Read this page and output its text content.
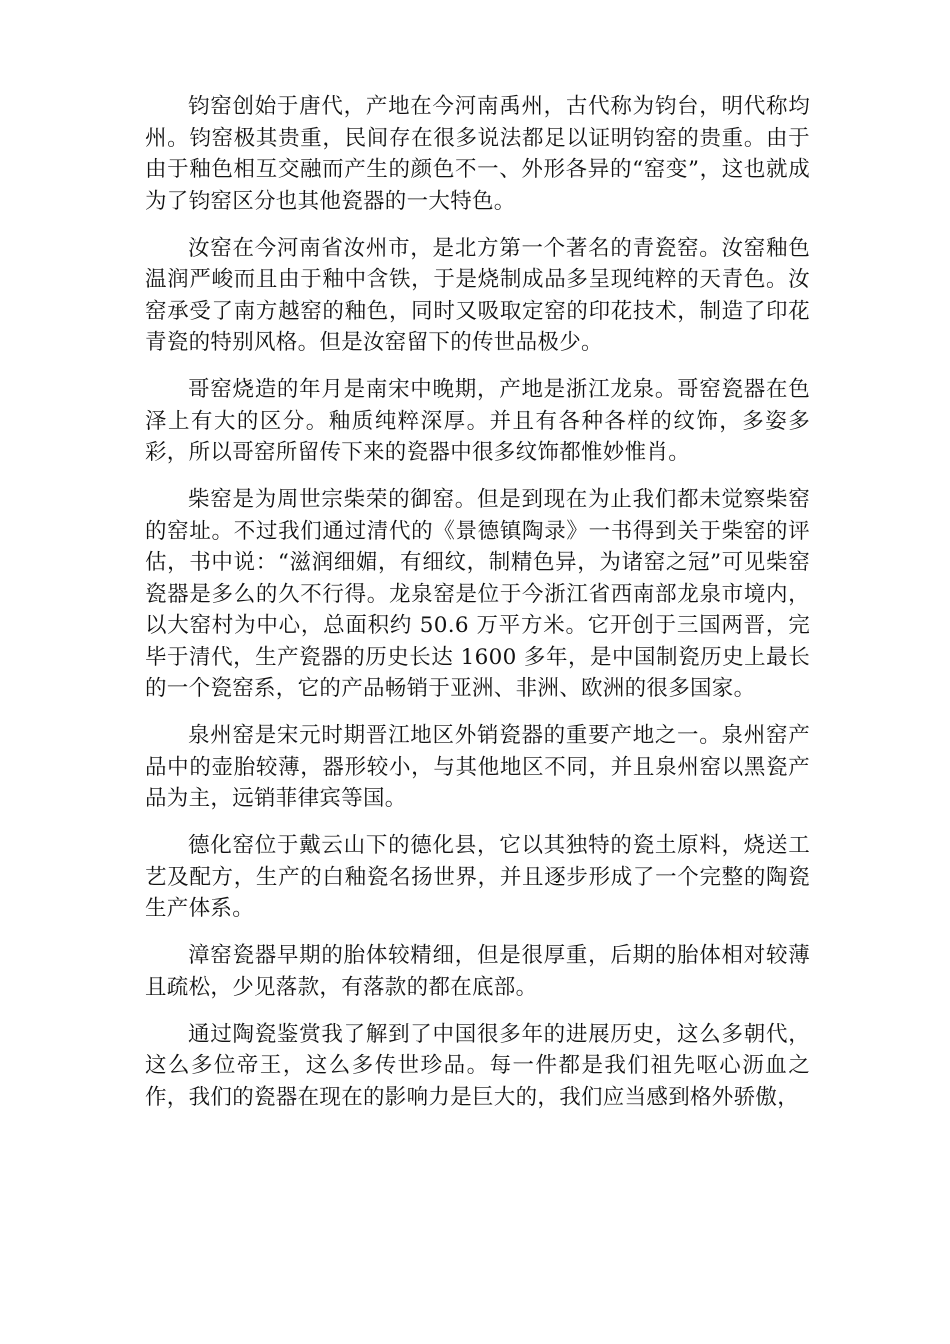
钧窑创始于唐代，产地在今河南禹州，古代称为钧台，明代称均州。钧窑极其贵重，民间存在很多说法都足以证明钧窑的贵重。由于由于釉色相互交融而产生的颜色不一、外形各异的“窑变”，这也就成为了钧窑区分也其他瓷器的一大特色。

汝窑在今河南省汝州市，是北方第一个著名的青瓷窑。汝窑釉色温润严峻而且由于釉中含铁，于是烧制成品多呈现纯粹的天青色。汝窑承受了南方越窑的釉色，同时又吸取定窑的印花技术，制造了印花青瓷的特别风格。但是汝窑留下的传世品极少。

哥窑烧造的年月是南宋中晚期，产地是浙江龙泉。哥窑瓷器在色泽上有大的区分。釉质纯粹深厚。并且有各种各样的纹饰，多姿多彩，所以哥窑所留传下来的瓷器中很多纹饰都惟妙惟肖。

柴窑是为周世宗柴荣的御窑。但是到现在为止我们都未觉察柴窑的窑址。不过我们通过清代的《景德镇陶录》一书得到关于柴窑的评估，书中说：“滋润细媚，有细纹，制精色异，为诸窑之冠”可见柴窑瓷器是多么的久不行得。龙泉窑是位于今浙江省西南部龙泉市境内，以大窑村为中心，总面积约 50.6 万平方米。它开创于三国两晋，完毕于清代，生产瓷器的历史长达 1600 多年，是中国制瓷历史上最长的一个瓷窑系，它的产品畅销于亚洲、非洲、欧洲的很多国家。

泉州窑是宋元时期晋江地区外销瓷器的重要产地之一。泉州窑产品中的壶胎较薄，器形较小，与其他地区不同，并且泉州窑以黑瓷产品为主，远销菲律宾等国。

德化窑位于戴云山下的德化县，它以其独特的瓷土原料，烧送工艺及配方，生产的白釉瓷名扬世界，并且逐步形成了一个完整的陶瓷生产体系。

漳窑瓷器早期的胎体较精细，但是很厚重，后期的胎体相对较薄且疏松，少见落款，有落款的都在底部。

通过陶瓷鉴赏我了解到了中国很多年的进展历史，这么多朝代，这么多位帝王，这么多传世珍品。每一件都是我们祖先呕心沥血之作，我们的瓷器在现在的影响力是巨大的，我们应当感到格外骄傲，
